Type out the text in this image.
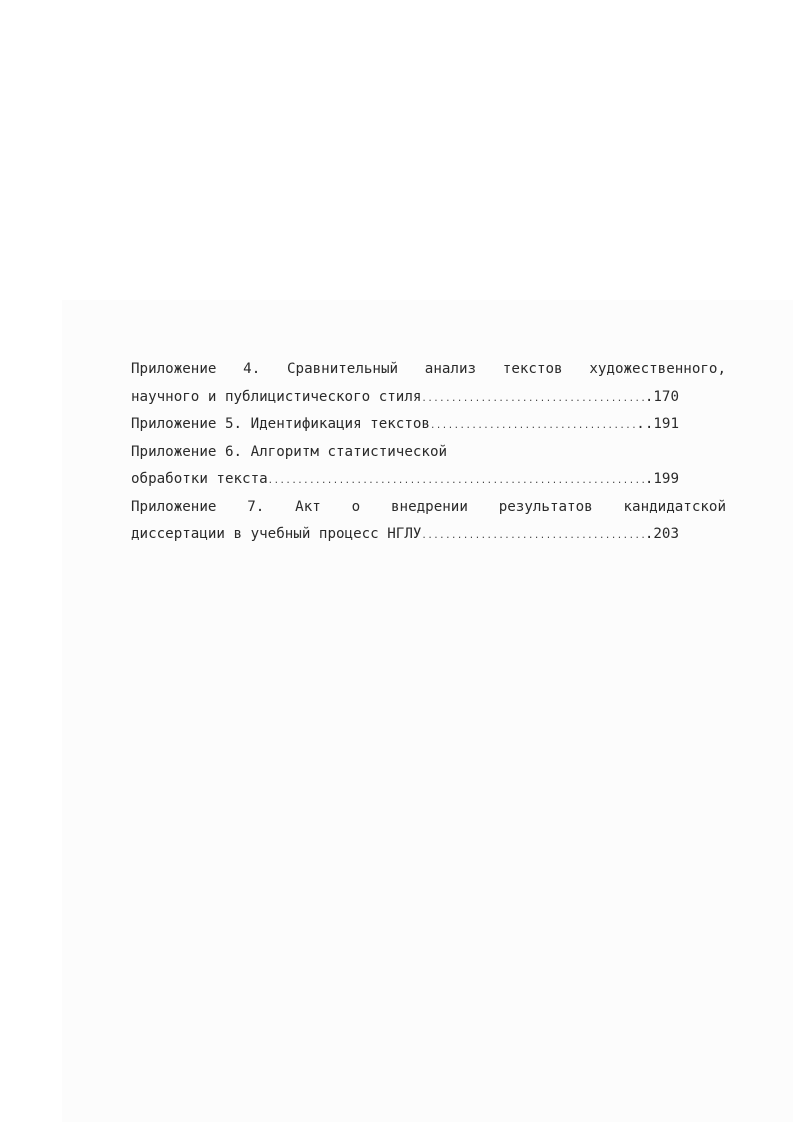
Приложение 4. Сравнительный анализ текстов художественного,
научного и публицистического стиля .....	.170
Приложение 5. Идентификация текстов .....	..191
Приложение 6. Алгоритм статистической
обработки текста .....	.199
Приложение 7. Акт о внедрении результатов кандидатской
диссертации в учебный процесс НГЛУ .....	.203
